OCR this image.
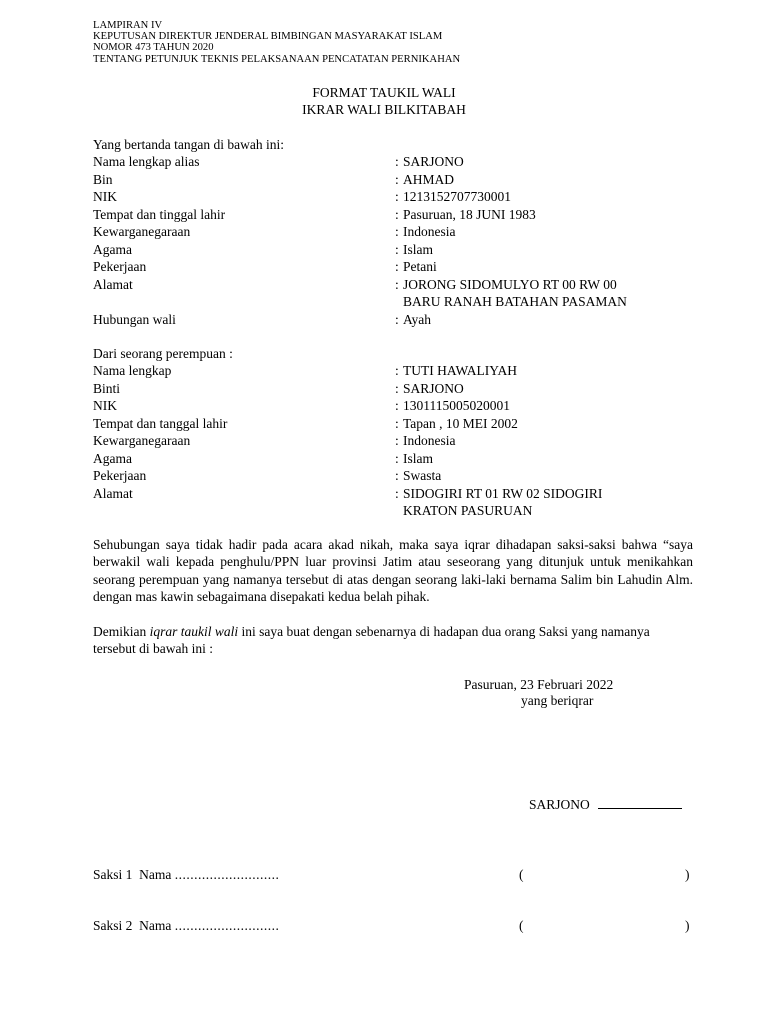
LAMPIRAN IV
KEPUTUSAN DIREKTUR JENDERAL BIMBINGAN MASYARAKAT ISLAM
NOMOR 473 TAHUN 2020
TENTANG PETUNJUK TEKNIS PELAKSANAAN PENCATATAN PERNIKAHAN
FORMAT TAUKIL WALI
IKRAR WALI BILKITABAH
Yang bertanda tangan di bawah ini:
Nama lengkap alias	: SARJONO
Bin	: AHMAD
NIK	: 1213152707730001
Tempat dan tinggal lahir	: Pasuruan, 18 JUNI 1983
Kewarganegaraan	: Indonesia
Agama	: Islam
Pekerjaan	: Petani
Alamat	: JORONG SIDOMULYO RT 00 RW 00
BARU RANAH BATAHAN PASAMAN
Hubungan wali	: Ayah
Dari seorang perempuan :
Nama lengkap	: TUTI HAWALIYAH
Binti	: SARJONO
NIK	: 1301115005020001
Tempat dan tanggal lahir	: Tapan , 10 MEI 2002
Kewarganegaraan	: Indonesia
Agama	: Islam
Pekerjaan	: Swasta
Alamat	: SIDOGIRI RT 01 RW 02 SIDOGIRI
KRATON PASURUAN
Sehubungan saya tidak hadir pada acara akad nikah, maka saya iqrar dihadapan saksi-saksi bahwa “saya berwakil wali kepada penghulu/PPN luar provinsi Jatim atau seseorang yang ditunjuk untuk menikahkan seorang perempuan yang namanya tersebut di atas dengan seorang laki-laki bernama Salim bin Lahudin Alm. dengan mas kawin sebagaimana disepakati kedua belah pihak.
Demikian iqrar taukil wali ini saya buat dengan sebenarnya di hadapan dua orang Saksi yang namanya tersebut di bawah ini :
Pasuruan, 23 Februari 2022
yang beriqrar
SARJONO
Saksi 1 Nama ...........................	(	)
Saksi 2 Nama ...........................	(	)
